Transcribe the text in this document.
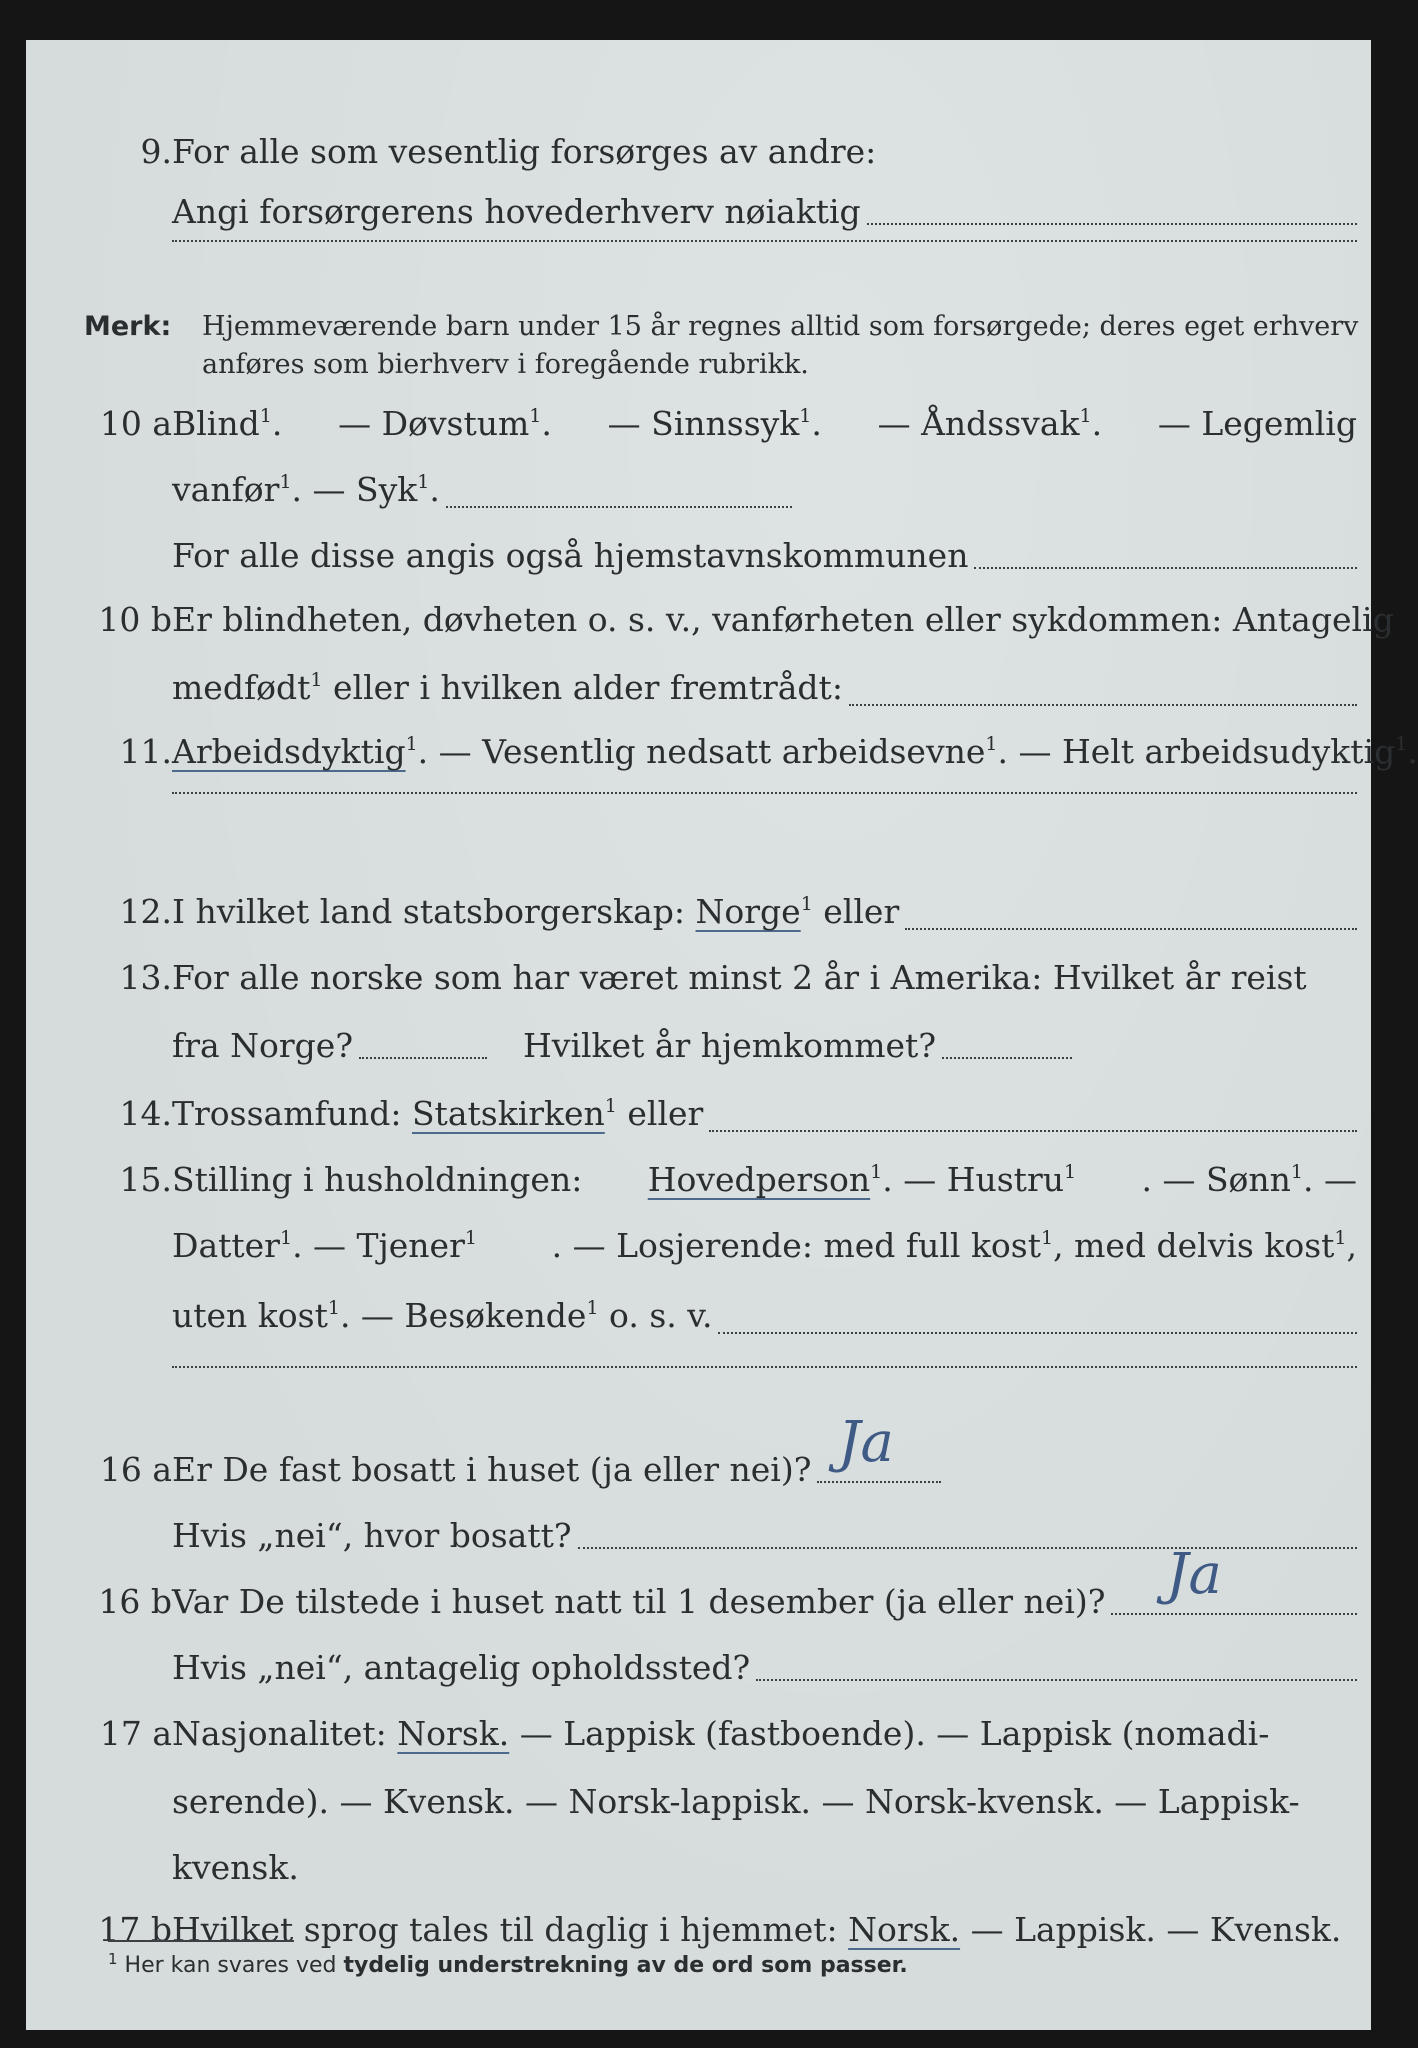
9. For alle som vesentlig forsørges av andre:
Angi forsørgerens hovederhverv nøiaktig
Merk: Hjemmeværende barn under 15 år regnes alltid som forsørgede; deres eget erhverv
anføres som bierhverv i foregående rubrikk.
10 a Blind$^1$. — Døvstum$^1$. — Sinnssyk$^1$. — Åndssvak$^1$. — Legemlig
vanfør 1 . — Syk 1 .
For alle disse angis også hjemstavnskommunen
10 b Er blindheten, døvheten o. s. v., vanførheten eller sykdommen: Antagelig
medfødt 1
eller i hvilken alder fremtrådt:
11. Arbeidsdyktig 1 . — Vesentlig nedsatt arbeidsevne 1 . — Helt arbeidsudyktig 1 .
12. I hvilket land statsborgerskap:
Norge 1
eller
13. For alle norske som har været minst 2 år i Amerika: Hvilket år reist
fra Norge?	Hvilket år hjemkommet?
14. Trossamfund:
Statskirken 1
eller
15. Stilling i husholdningen: Hovedperson$^1$. — Hustru$^1$ . — Sønn$^1$. —
Datter$^1$. — Tjener$^1$ . — Losjerende: med full kost$^1$, med delvis kost$^1$,
uten kost 1 . — Besøkende 1
o. s. v.
16 a Er De fast bosatt i huset (ja eller nei)? Ja
Hvis „nei“, hvor bosatt?
16 b Var De tilstede i huset natt til 1 desember (ja eller nei)? Ja
Hvis „nei“, antagelig opholdssted?
17 a Nasjonalitet:
Norsk.
— Lappisk (fastboende). — Lappisk (nomadi-
serende). — Kvensk. — Norsk-lappisk. — Norsk-kvensk. — Lappisk-
kvensk.
17 b Hvilket sprog tales til daglig i hjemmet:
Norsk.
— Lappisk. — Kvensk.
$^1$ Her kan svares ved tydelig understrekning av de ord som passer.
